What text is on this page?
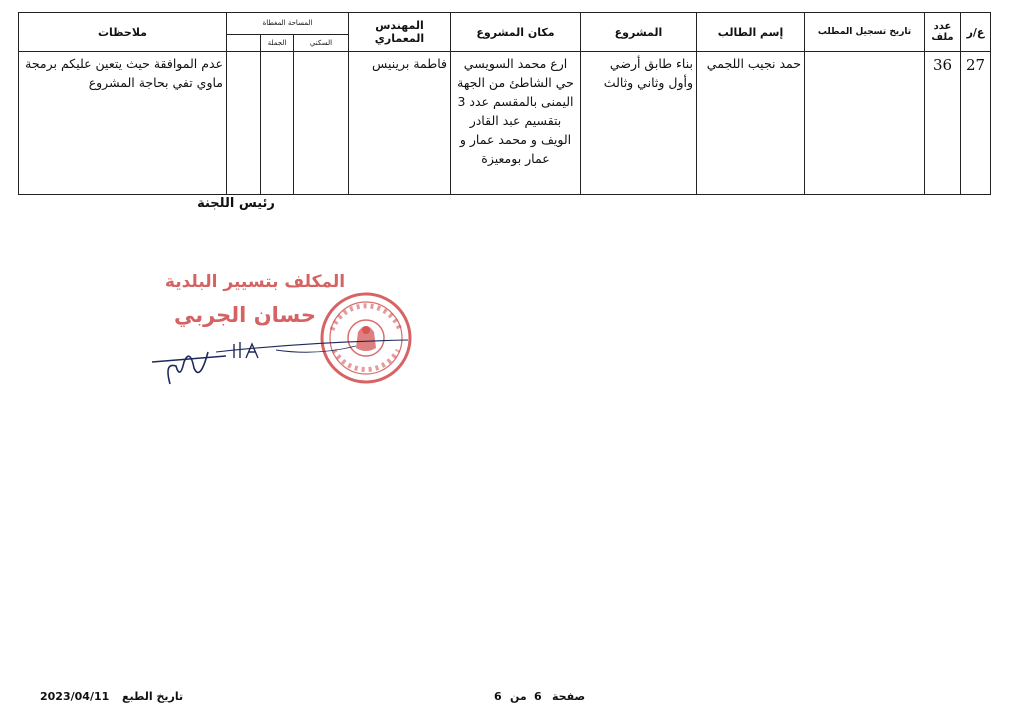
ملاحظات	المساحة المغطاة			المهندس المعماري	مكان المشروع	المشروع	إسم الطالب	تاريخ تسجيل المطلب	عدد ملف	ع/ر
		الجملة	السكني							
عدم الموافقة حيث يتعين عليكم برمجة ماوي تفي بحاجة المشروع				فاطمة برينيس	ارع محمد السويسي حي الشاطئ من الجهة اليمنى بالمقسم عدد 3 بتقسيم عبد القادر الويف و محمد عمار و عمار بومعيزة	بناء طابق أرضي وأول وثاني وثالث	حمد نجيب اللجمي		36	27
رئيس اللجنة
المكلف بتسيير البلدية
حسان الجربي
2023/04/11 تاريخ الطبع	6 من 6 صفحة
